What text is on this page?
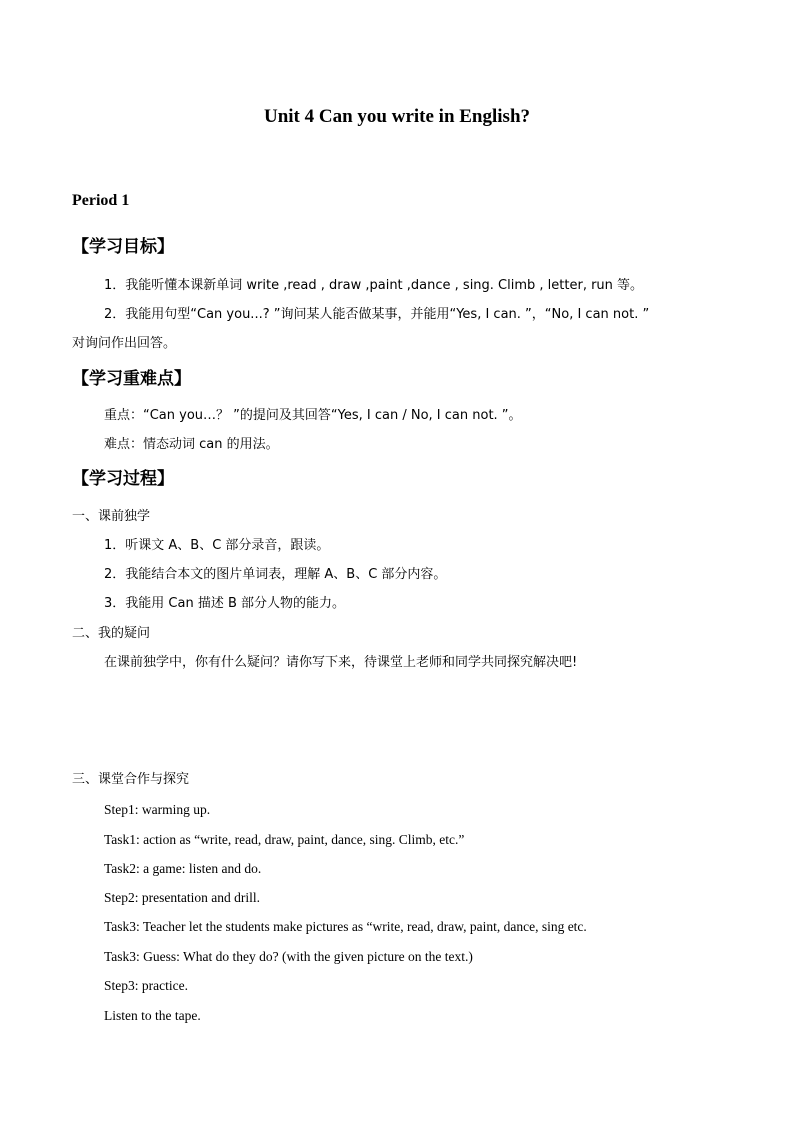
Unit 4 Can you write in English?
Period 1
【学习目标】
1．我能听懂本课新单词 write ,read , draw ,paint ,dance , sing. Climb , letter, run 等。
2．我能用句型“Can you...? ”询问某人能否做某事，并能用“Yes, I can. ”，“No, I can not. ”
对询问作出回答。
【学习重难点】
重点：“Can you…？ ”的提问及其回答“Yes, I can / No, I can not. ”。
难点：情态动词 can 的用法。
【学习过程】
一、课前独学
1．听课文 A、B、C 部分录音，跟读。
2．我能结合本文的图片单词表，理解 A、B、C 部分内容。
3．我能用 Can 描述 B 部分人物的能力。
二、我的疑问
在课前独学中，你有什么疑问？请你写下来，待课堂上老师和同学共同探究解决吧!
三、课堂合作与探究
Step1: warming up.
Task1: action as “write, read, draw, paint, dance, sing. Climb, etc.”
Task2: a game: listen and do.
Step2: presentation and drill.
Task3: Teacher let the students make pictures as “write, read, draw, paint, dance, sing etc.
Task3: Guess: What do they do? (with the given picture on the text.)
Step3: practice.
Listen to the tape.
